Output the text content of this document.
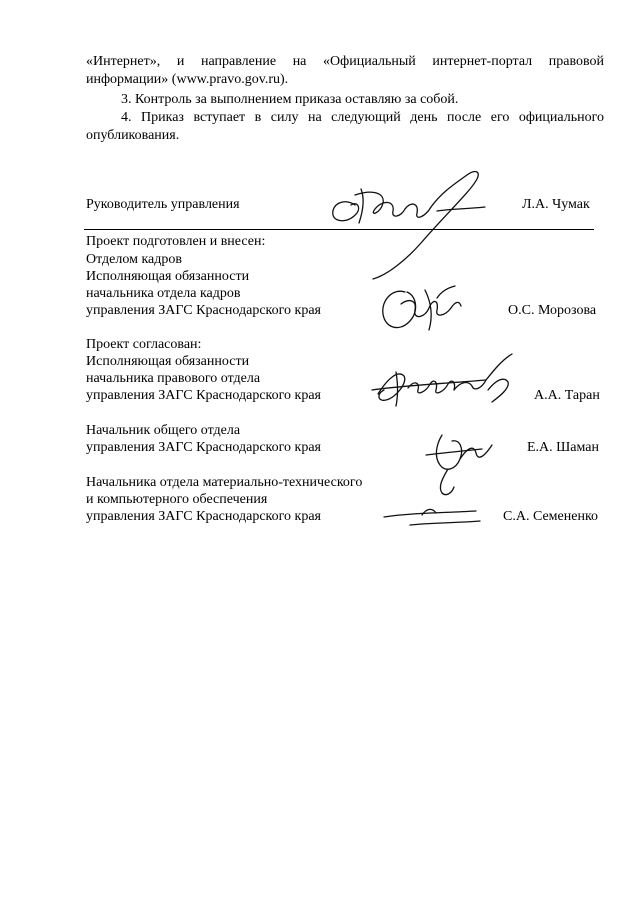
«Интернет», и направление на «Официальный интернет-портал правовой
информации» (www.pravo.gov.ru).
3. Контроль за выполнением приказа оставляю за собой.
4. Приказ вступает в силу на следующий день после его официального
опубликования.
Руководитель управления	Л.А. Чумак
Проект подготовлен и внесен:
Отделом кадров
Исполняющая обязанности
начальника отдела кадров
управления ЗАГС Краснодарского края	О.С. Морозова
Проект согласован:
Исполняющая обязанности
начальника правового отдела
управления ЗАГС Краснодарского края	А.А. Таран
Начальник общего отдела
управления ЗАГС Краснодарского края	Е.А. Шаман
Начальника отдела материально-технического
и компьютерного обеспечения
управления ЗАГС Краснодарского края	С.А. Семененко
